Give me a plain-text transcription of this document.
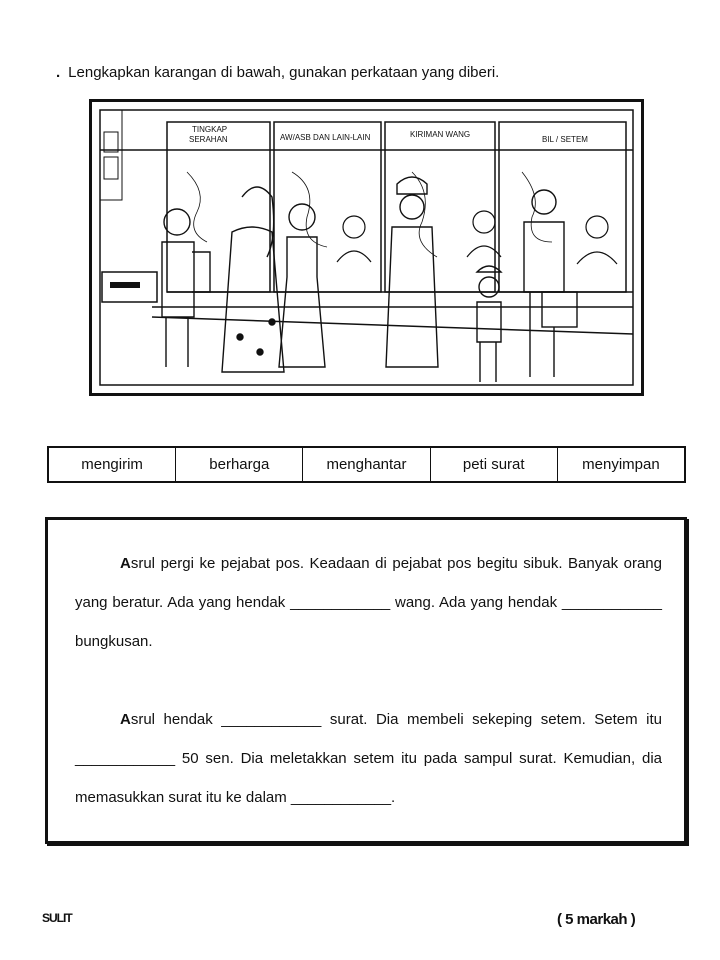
. Lengkapkan karangan di bawah, gunakan perkataan yang diberi.
TINGKAP
SERAHAN	AW/ASB DAN LAIN-LAIN	KIRIMAN WANG
BIL / SETEM
mengirim	berharga	menghantar	peti surat	menyimpan
Asrul pergi ke pejabat pos. Keadaan di pejabat pos begitu sibuk. Banyak orang yang beratur. Ada yang hendak ____________ wang. Ada yang hendak ____________ bungkusan.
Asrul hendak ____________ surat. Dia membeli sekeping setem. Setem itu ____________ 50 sen. Dia meletakkan setem itu pada sampul surat. Kemudian, dia memasukkan surat itu ke dalam ____________.
SULIT	( 5 markah )
